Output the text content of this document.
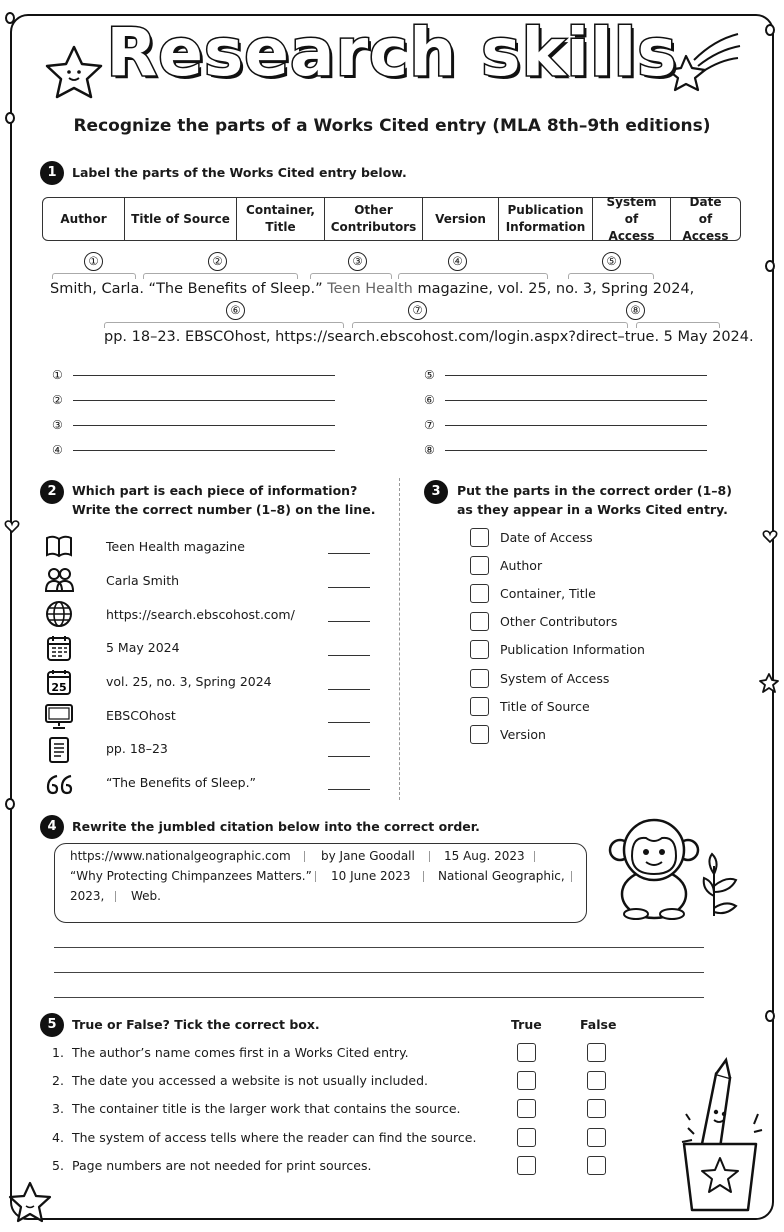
Research skills
Recognize the parts of a Works Cited entry (MLA 8th–9th editions)
1	Label the parts of the Works Cited entry below.
Author	Title of Source
Container, Title
Other Contributors
Version
Publication Information
System of Access
Date of Access
①	②	③	④	⑤
Smith, Carla. “The Benefits of Sleep.” Teen Health magazine, vol. 25, no. 3, Spring 2024,
⑥	⑦	⑧
pp. 18–23. EBSCOhost, https://search.ebscohost.com/login.aspx?direct–true. 5 May 2024.
①
②
③
④
⑤
⑥
⑦
⑧
2	Which part is each piece of information?
Write the correct number (1–8) on the line.
25
Teen Health magazine
Carla Smith
https://search.ebscohost.com/
5 May 2024
vol. 25, no. 3, Spring 2024
EBSCOhost
pp. 18–23
“The Benefits of Sleep.”
3	Put the parts in the correct order (1–8)
as they appear in a Works Cited entry.
Date of Access
Author
Container, Title
Other Contributors
Publication Information
System of Access
Title of Source
Version
4	Rewrite the jumbled citation below into the correct order.
https://www.nationalgeographic.com	by Jane Goodall 15 Aug. 2023
“Why Protecting Chimpanzees Matters.” 10 June 2023 National Geographic,
2023, Web.
5	True or False? Tick the correct box.	True	False
1. The author’s name comes first in a Works Cited entry.
2. The date you accessed a website is not usually included.
3. The container title is the larger work that contains the source.
4. The system of access tells where the reader can find the source.
5. Page numbers are not needed for print sources.
